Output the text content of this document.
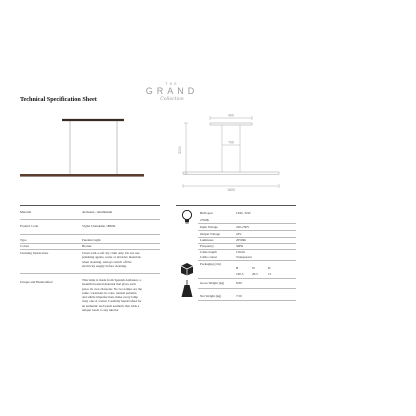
Technical Specification Sheet
THE
GRAND
Collection
400
700
2000
1600
Material	Alabaster / Aluminium
Product Code	Viglia Chandelier 1800m
Type	Pendant Light
Colour	Bronze
Cleaning Instructions	Clean with a soft dry cloth only. Do not use
polishing agents, water or abrasive materials
when cleaning. Always switch off the
electricity supply before cleaning.
Unique and Handcrafted	This lamp is made from Spanish Alabaster, a
beautiful natural material that gives each
piece its own character. No two lamps are the
same, variations in color, natural patterns,
and subtle imperfections make every lamp
truly one of a kind. Carefully handcrafted for
an authentic and warm aesthetic that adds a
unique touch to any interior
Bulb spec	LED- 32W
2700K
Input Voltage	220-230V
Output Voltage	24V
Luminous	2050lm
Frequency	50Hz
Cable length	150cm
Cable colour	Transparent
Packaging (cm)
H	W	D
190.5	26.5	15
Gross Weight (kg)	8.60
Net Weight (kg)	7.50
